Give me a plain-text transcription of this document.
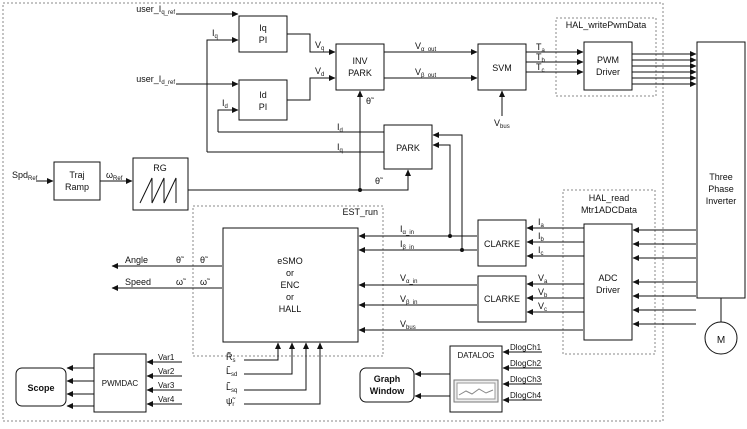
HAL_writePwmData
HAL_read
Mtr1ADCData
EST_run
Iq
PI
Id
PI
INV
PARK	SVM
PWM
Driver
Three
Phase
Inverter
M
Traj
Ramp
RG
PARK
CLARKE
CLARKE
ADC
Driver
eSMO
or
ENC
or
HALL
PWMDAC
Scope
DATALOG
Graph
Window
$user\_I_{q\_ref}$
$user\_I_{d\_ref}$
$I_q$
$I_d$
$V_q$
$V_d$
$V_{\alpha\_out}$
$V_{\beta\_out}$
$T_a$
$T_b$
$T_c$
$V_{bus}$
Spd$_{Ref}$	$\omega_{Ref}$
θ̃
θ̃
$I_d$
$I_q$
$I_{\alpha\_in}$
$I_{\beta\_in}$
$V_{\alpha\_in}$
$V_{\beta\_in}$
$V_{bus}$
$I_a$
$I_b$
$I_c$
$V_a$
$V_b$
$V_c$
Angle
Speed
θ̃	θ̃
ω̃	ω̃
$R̃_s$
$L̃_{sd}$
$L̃_{sq}$
$\psĩ_r$
Var1
Var2
Var3
Var4
DlogCh1
DlogCh2
DlogCh3
DlogCh4
